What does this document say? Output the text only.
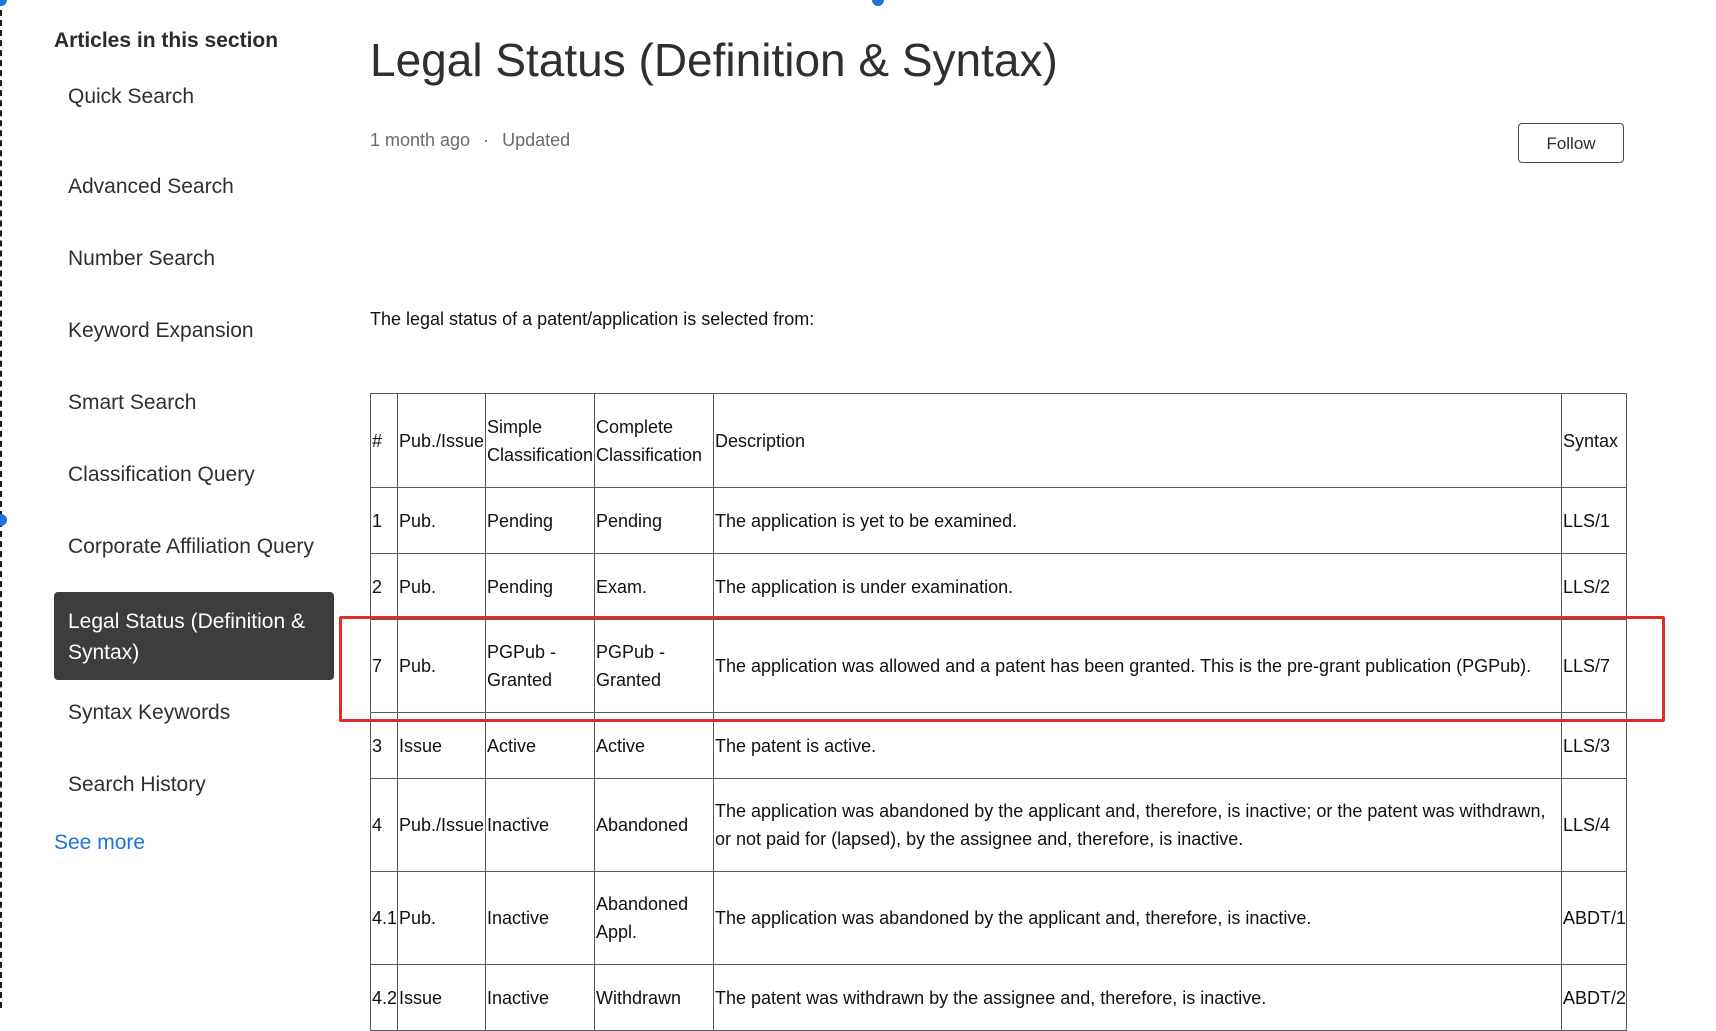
Articles in this section
Quick Search
Advanced Search
Number Search
Keyword Expansion
Smart Search
Classification Query
Corporate Affiliation Query
Legal Status (Definition & Syntax)
Syntax Keywords
Search History
See more
Legal Status (Definition & Syntax)
1 month ago · Updated	Follow

The legal status of a patent/application is selected from:

#	Pub./Issue	Simple Classification	Complete Classification	Description	Syntax
1	Pub.	Pending	Pending	The application is yet to be examined.	LLS/1
2	Pub.	Pending	Exam.	The application is under examination.	LLS/2
7	Pub.	PGPub - Granted	PGPub - Granted	The application was allowed and a patent has been granted. This is the pre-grant publication (PGPub).	LLS/7
3	Issue	Active	Active	The patent is active.	LLS/3
4	Pub./Issue	Inactive	Abandoned	The application was abandoned by the applicant and, therefore, is inactive; or the patent was withdrawn, or not paid for (lapsed), by the assignee and, therefore, is inactive.	LLS/4
4.1	Pub.	Inactive	Abandoned Appl.	The application was abandoned by the applicant and, therefore, is inactive.	ABDT/1
4.2	Issue	Inactive	Withdrawn	The patent was withdrawn by the assignee and, therefore, is inactive.	ABDT/2
